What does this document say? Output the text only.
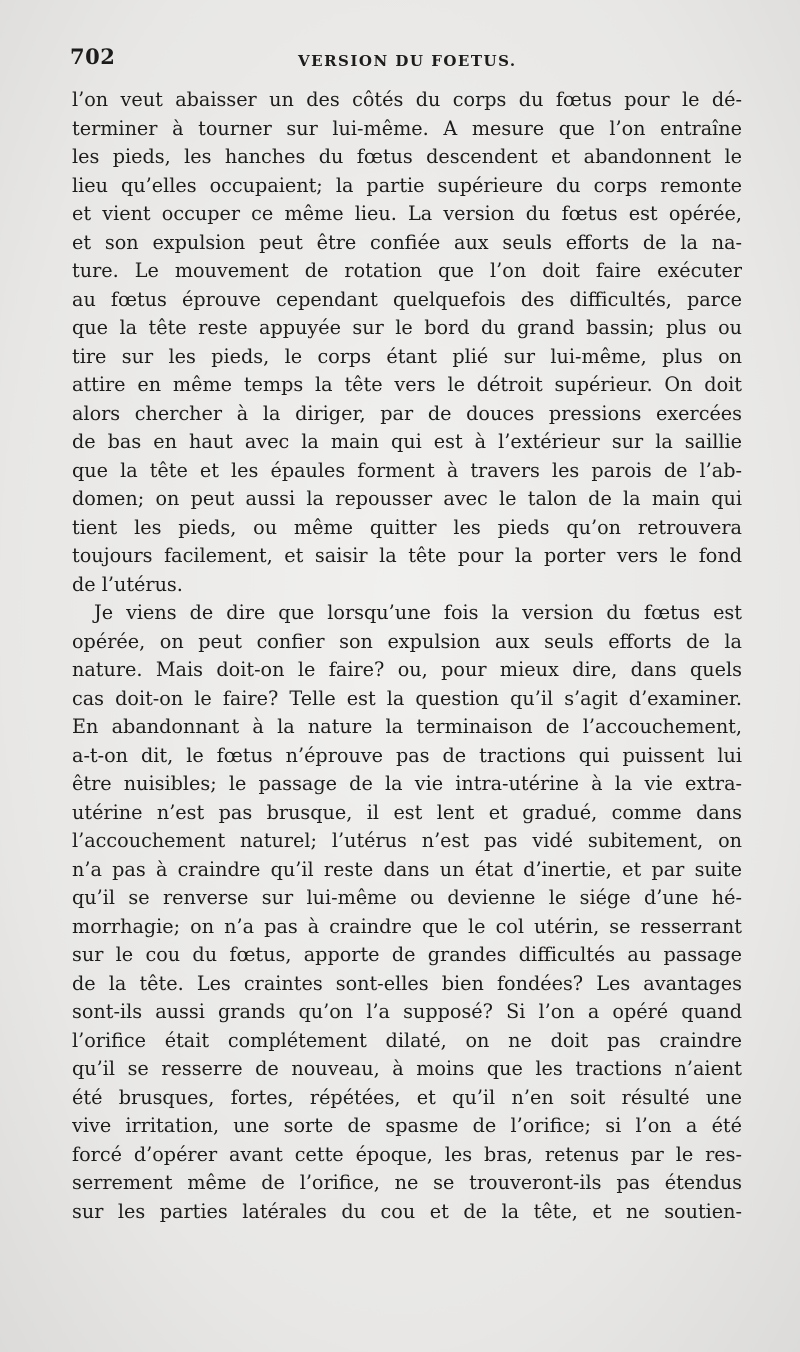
702	VERSION DU FOETUS.
l’on veut abaisser un des côtés du corps du fœtus pour le dé-
terminer à tourner sur lui-même. A mesure que l’on entraîne
les pieds, les hanches du fœtus descendent et abandonnent le
lieu qu’elles occupaient; la partie supérieure du corps remonte
et vient occuper ce même lieu. La version du fœtus est opérée,
et son expulsion peut être confiée aux seuls efforts de la na-
ture. Le mouvement de rotation que l’on doit faire exécuter
au fœtus éprouve cependant quelquefois des difficultés, parce
que la tête reste appuyée sur le bord du grand bassin; plus ou
tire sur les pieds, le corps étant plié sur lui-même, plus on
attire en même temps la tête vers le détroit supérieur. On doit
alors chercher à la diriger, par de douces pressions exercées
de bas en haut avec la main qui est à l’extérieur sur la saillie
que la tête et les épaules forment à travers les parois de l’ab-
domen; on peut aussi la repousser avec le talon de la main qui
tient les pieds, ou même quitter les pieds qu’on retrouvera
toujours facilement, et saisir la tête pour la porter vers le fond
de l’utérus.
Je viens de dire que lorsqu’une fois la version du fœtus est
opérée, on peut confier son expulsion aux seuls efforts de la
nature. Mais doit-on le faire? ou, pour mieux dire, dans quels
cas doit-on le faire? Telle est la question qu’il s’agit d’examiner.
En abandonnant à la nature la terminaison de l’accouchement,
a-t-on dit, le fœtus n’éprouve pas de tractions qui puissent lui
être nuisibles; le passage de la vie intra-utérine à la vie extra-
utérine n’est pas brusque, il est lent et gradué, comme dans
l’accouchement naturel; l’utérus n’est pas vidé subitement, on
n’a pas à craindre qu’il reste dans un état d’inertie, et par suite
qu’il se renverse sur lui-même ou devienne le siége d’une hé-
morrhagie; on n’a pas à craindre que le col utérin, se resserrant
sur le cou du fœtus, apporte de grandes difficultés au passage
de la tête. Les craintes sont-elles bien fondées? Les avantages
sont-ils aussi grands qu’on l’a supposé? Si l’on a opéré quand
l’orifice était complétement dilaté, on ne doit pas craindre
qu’il se resserre de nouveau, à moins que les tractions n’aient
été brusques, fortes, répétées, et qu’il n’en soit résulté une
vive irritation, une sorte de spasme de l’orifice; si l’on a été
forcé d’opérer avant cette époque, les bras, retenus par le res-
serrement même de l’orifice, ne se trouveront-ils pas étendus
sur les parties latérales du cou et de la tête, et ne soutien-
